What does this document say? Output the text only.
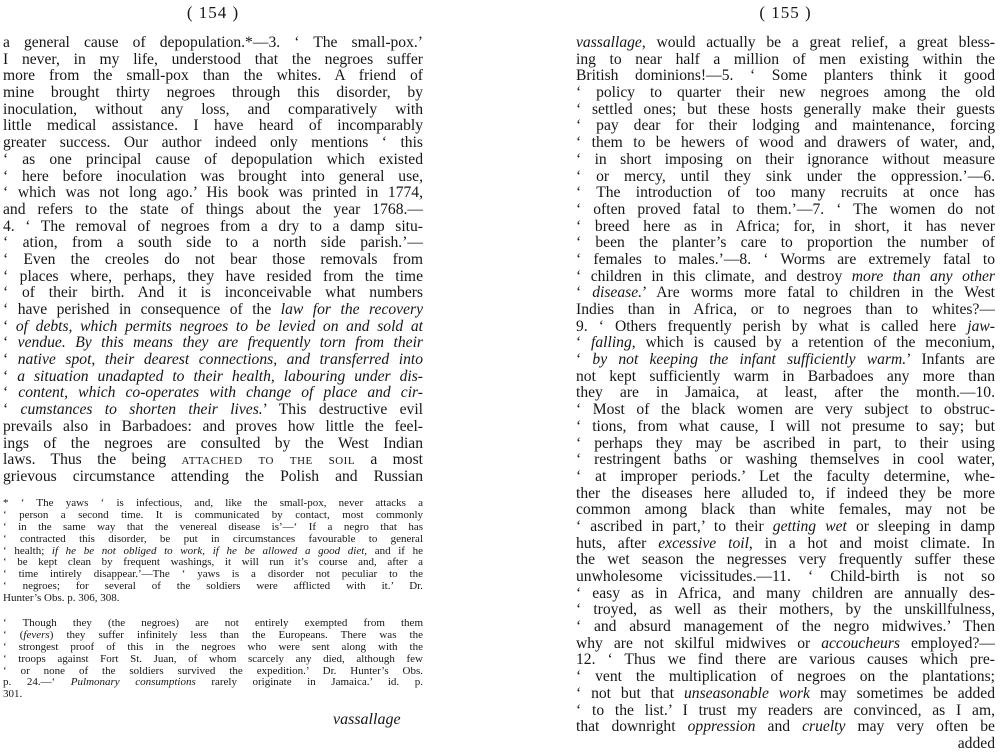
( 154 )
a general cause of depopulation.*—3. ‘ The small-pox.’
I never, in my life, understood that the negroes suffer
more from the small-pox than the whites. A friend of
mine brought thirty negroes through this disorder, by
inoculation, without any loss, and comparatively with
little medical assistance. I have heard of incomparably
greater success. Our author indeed only mentions ‘ this
‘ as one principal cause of depopulation which existed
‘ here before inoculation was brought into general use,
‘ which was not long ago.’ His book was printed in 1774,
and refers to the state of things about the year 1768.—
4. ‘ The removal of negroes from a dry to a damp situ-
‘ ation, from a south side to a north side parish.’—
‘ Even the creoles do not bear those removals from
‘ places where, perhaps, they have resided from the time
‘ of their birth. And it is inconceivable what numbers
‘ have perished in consequence of the law for the recovery
‘ of debts, which permits negroes to be levied on and sold at
‘ vendue. By this means they are frequently torn from their
‘ native spot, their dearest connections, and transferred into
‘ a situation unadapted to their health, labouring under dis-
‘ content, which co-operates with change of place and cir-
‘ cumstances to shorten their lives.’ This destructive evil
prevails also in Barbadoes: and proves how little the feel-
ings of the negroes are consulted by the West Indian
laws. Thus the being attached to the soil a most
grievous circumstance attending the Polish and Russian
* ‘ The yaws ‘ is infectious, and, like the small-pox, never attacks a
‘ person a second time. It is communicated by contact, most commonly
‘ in the same way that the venereal disease is’—‘ If a negro that has
‘ contracted this disorder, be put in circumstances favourable to general
‘ health; if he be not obliged to work, if he be allowed a good diet, and if he
‘ be kept clean by frequent washings, it will run it’s course and, after a
‘ time intirely disappear.’—The ‘ yaws is a disorder not peculiar to the
‘ negroes; for several of the soldiers were afflicted with it.’ Dr.
Hunter’s Obs. p. 306, 308.
‘ Though they (the negroes) are not entirely exempted from them
‘ (fevers) they suffer infinitely less than the Europeans. There was the
‘ strongest proof of this in the negroes who were sent along with the
‘ troops against Fort St. Juan, of whom scarcely any died, although few
‘ or none of the soldiers survived the expedition.’ Dr. Hunter’s Obs.
p. 24.—‘ Pulmonary consumptions rarely originate in Jamaica.’ id. p.
301.
( 155 )
vassallage, would actually be a great relief, a great bless-
ing to near half a million of men existing within the
British dominions!—5. ‘ Some planters think it good
‘ policy to quarter their new negroes among the old
‘ settled ones; but these hosts generally make their guests
‘ pay dear for their lodging and maintenance, forcing
‘ them to be hewers of wood and drawers of water, and,
‘ in short imposing on their ignorance without measure
‘ or mercy, until they sink under the oppression.’—6.
‘ The introduction of too many recruits at once has
‘ often proved fatal to them.’—7. ‘ The women do not
‘ breed here as in Africa; for, in short, it has never
‘ been the planter’s care to proportion the number of
‘ females to males.’—8. ‘ Worms are extremely fatal to
‘ children in this climate, and destroy more than any other
‘ disease.’ Are worms more fatal to children in the West
Indies than in Africa, or to negroes than to whites?—
9. ‘ Others frequently perish by what is called here jaw-
‘ falling, which is caused by a retention of the meconium,
‘ by not keeping the infant sufficiently warm.’ Infants are
not kept sufficiently warm in Barbadoes any more than
they are in Jamaica, at least, after the month.—10.
‘ Most of the black women are very subject to obstruc-
‘ tions, from what cause, I will not presume to say; but
‘ perhaps they may be ascribed in part, to their using
‘ restringent baths or washing themselves in cool water,
‘ at improper periods.’ Let the faculty determine, whe-
ther the diseases here alluded to, if indeed they be more
common among black than white females, may not be
‘ ascribed in part,’ to their getting wet or sleeping in damp
huts, after excessive toil, in a hot and moist climate. In
the wet season the negresses very frequently suffer these
unwholesome vicissitudes.—11. ‘ Child-birth is not so
‘ easy as in Africa, and many children are annually des-
‘ troyed, as well as their mothers, by the unskillfulness,
‘ and absurd management of the negro midwives.’ Then
why are not skilful midwives or accoucheurs employed?—
12. ‘ Thus we find there are various causes which pre-
‘ vent the multiplication of negroes on the plantations;
‘ not but that unseasonable work may sometimes be added
‘ to the list.’ I trust my readers are convinced, as I am,
that downright oppression and cruelty may very often be
added
vassallage
